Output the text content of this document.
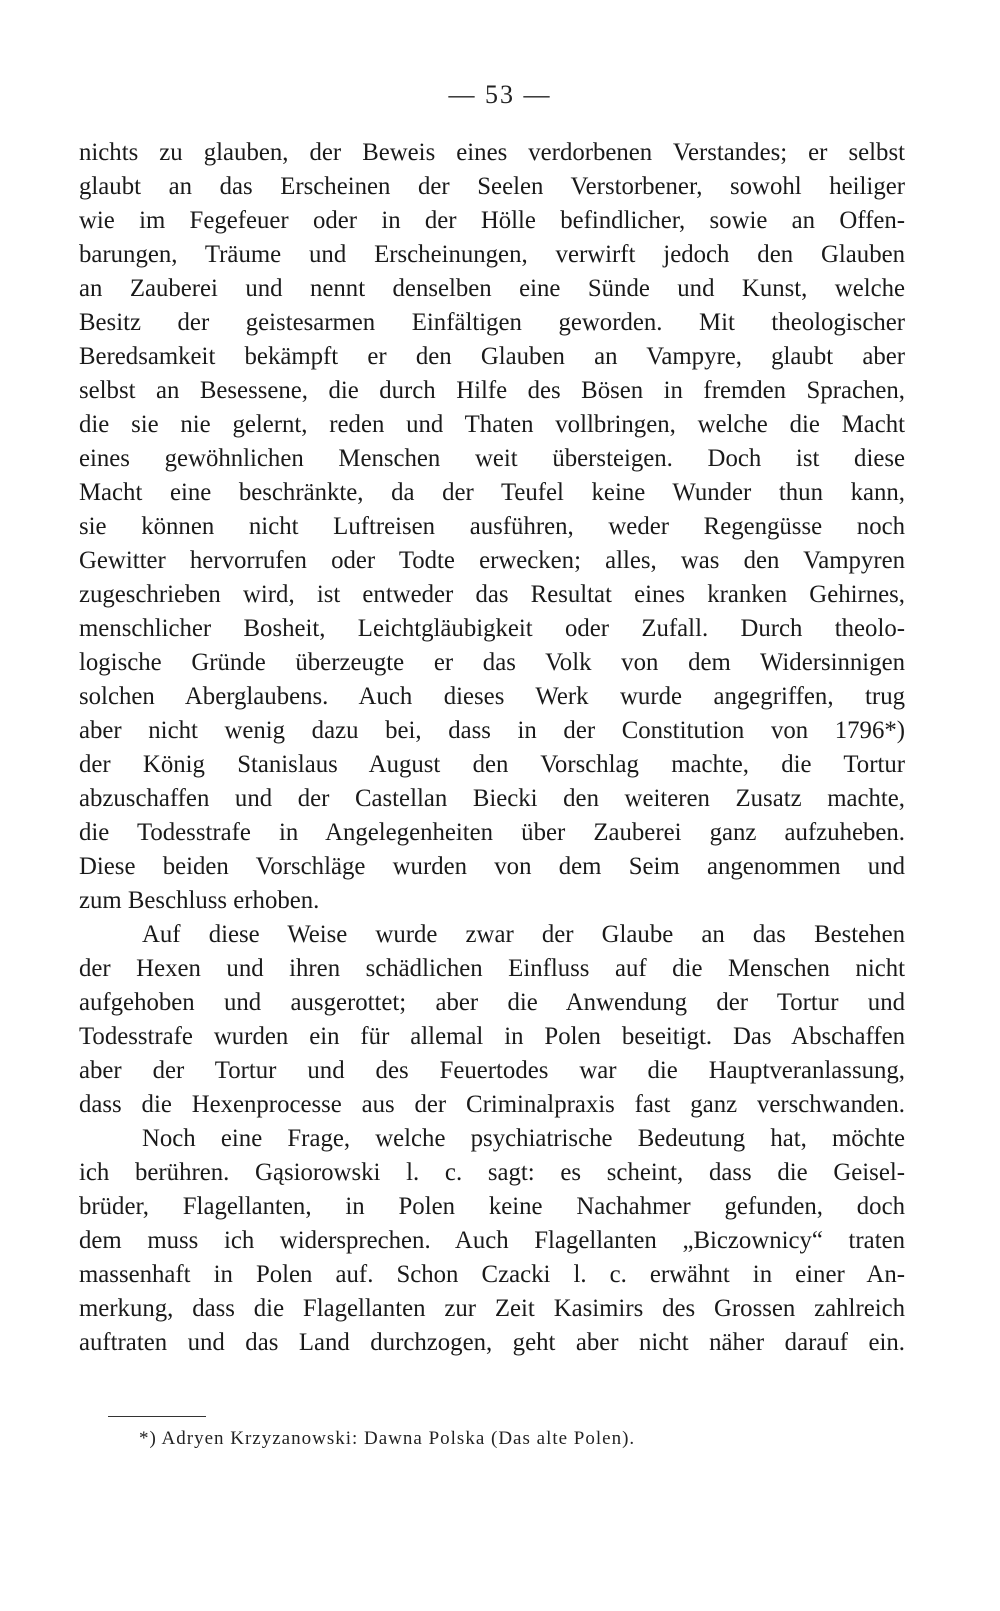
— 53 —

nichts zu glauben, der Beweis eines verdorbenen Verstandes; er selbst
glaubt an das Erscheinen der Seelen Verstorbener, sowohl heiliger
wie im Fegefeuer oder in der Hölle befindlicher, sowie an Offen-
barungen, Träume und Erscheinungen, verwirft jedoch den Glauben
an Zauberei und nennt denselben eine Sünde und Kunst, welche
Besitz der geistesarmen Einfältigen geworden. Mit theologischer
Beredsamkeit bekämpft er den Glauben an Vampyre, glaubt aber
selbst an Besessene, die durch Hilfe des Bösen in fremden Sprachen,
die sie nie gelernt, reden und Thaten vollbringen, welche die Macht
eines gewöhnlichen Menschen weit übersteigen. Doch ist diese
Macht eine beschränkte, da der Teufel keine Wunder thun kann,
sie können nicht Luftreisen ausführen, weder Regengüsse noch
Gewitter hervorrufen oder Todte erwecken; alles, was den Vampyren
zugeschrieben wird, ist entweder das Resultat eines kranken Gehirnes,
menschlicher Bosheit, Leichtgläubigkeit oder Zufall. Durch theolo-
logische Gründe überzeugte er das Volk von dem Widersinnigen
solchen Aberglaubens. Auch dieses Werk wurde angegriffen, trug
aber nicht wenig dazu bei, dass in der Constitution von 1796*)
der König Stanislaus August den Vorschlag machte, die Tortur
abzuschaffen und der Castellan Biecki den weiteren Zusatz machte,
die Todesstrafe in Angelegenheiten über Zauberei ganz aufzuheben.
Diese beiden Vorschläge wurden von dem Seim angenommen und
zum Beschluss erhoben.

Auf diese Weise wurde zwar der Glaube an das Bestehen
der Hexen und ihren schädlichen Einfluss auf die Menschen nicht
aufgehoben und ausgerottet; aber die Anwendung der Tortur und
Todesstrafe wurden ein für allemal in Polen beseitigt. Das Abschaffen
aber der Tortur und des Feuertodes war die Hauptveranlassung,
dass die Hexenprocesse aus der Criminalpraxis fast ganz verschwanden.

Noch eine Frage, welche psychiatrische Bedeutung hat, möchte
ich berühren. Gąsiorowski l. c. sagt: es scheint, dass die Geisel-
brüder, Flagellanten, in Polen keine Nachahmer gefunden, doch
dem muss ich widersprechen. Auch Flagellanten „Biczownicy“ traten
massenhaft in Polen auf. Schon Czacki l. c. erwähnt in einer An-
merkung, dass die Flagellanten zur Zeit Kasimirs des Grossen zahlreich
auftraten und das Land durchzogen, geht aber nicht näher darauf ein.

*) Adryen Krzyzanowski: Dawna Polska (Das alte Polen).
